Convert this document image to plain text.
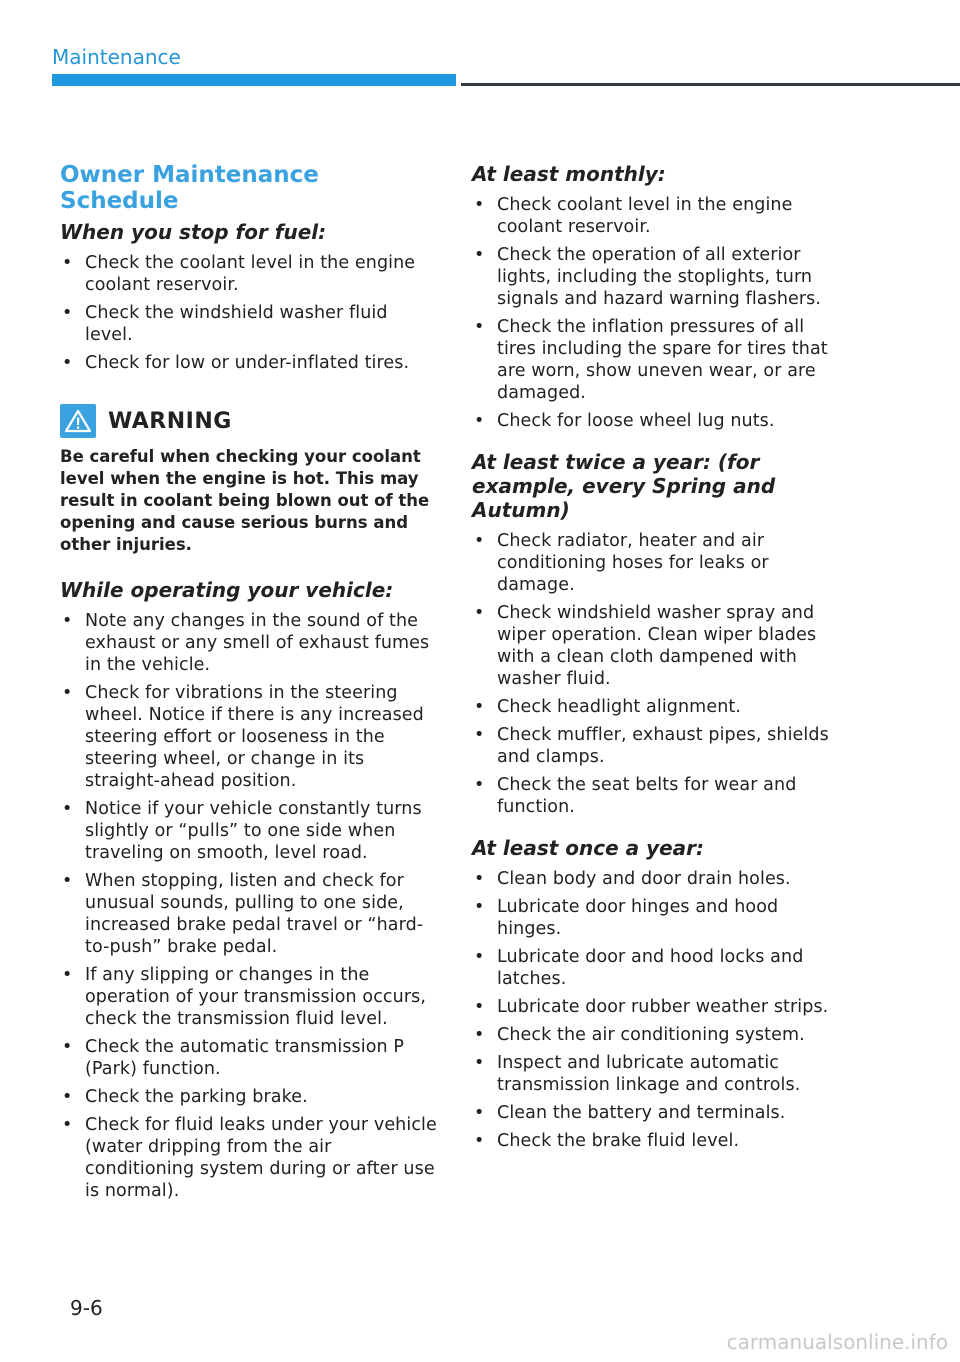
Maintenance
Owner Maintenance Schedule
When you stop for fuel:
• Check the coolant level in the engine coolant reservoir.
• Check the windshield washer fluid level.
• Check for low or under-inflated tires.
WARNING
Be careful when checking your coolant level when the engine is hot. This may result in coolant being blown out of the opening and cause serious burns and other injuries.
While operating your vehicle:
• Note any changes in the sound of the exhaust or any smell of exhaust fumes in the vehicle.
• Check for vibrations in the steering wheel. Notice if there is any increased steering effort or looseness in the steering wheel, or change in its straight-ahead position.
• Notice if your vehicle constantly turns slightly or “pulls” to one side when traveling on smooth, level road.
• When stopping, listen and check for unusual sounds, pulling to one side, increased brake pedal travel or “hard-to-push” brake pedal.
• If any slipping or changes in the operation of your transmission occurs, check the transmission fluid level.
• Check the automatic transmission P (Park) function.
• Check the parking brake.
• Check for fluid leaks under your vehicle (water dripping from the air conditioning system during or after use is normal).
At least monthly:
• Check coolant level in the engine coolant reservoir.
• Check the operation of all exterior lights, including the stoplights, turn signals and hazard warning flashers.
• Check the inflation pressures of all tires including the spare for tires that are worn, show uneven wear, or are damaged.
• Check for loose wheel lug nuts.
At least twice a year: (for example, every Spring and Autumn)
• Check radiator, heater and air conditioning hoses for leaks or damage.
• Check windshield washer spray and wiper operation. Clean wiper blades with a clean cloth dampened with washer fluid.
• Check headlight alignment.
• Check muffler, exhaust pipes, shields and clamps.
• Check the seat belts for wear and function.
At least once a year:
• Clean body and door drain holes.
• Lubricate door hinges and hood hinges.
• Lubricate door and hood locks and latches.
• Lubricate door rubber weather strips.
• Check the air conditioning system.
• Inspect and lubricate automatic transmission linkage and controls.
• Clean the battery and terminals.
• Check the brake fluid level.
9-6
carmanualsonline.info
